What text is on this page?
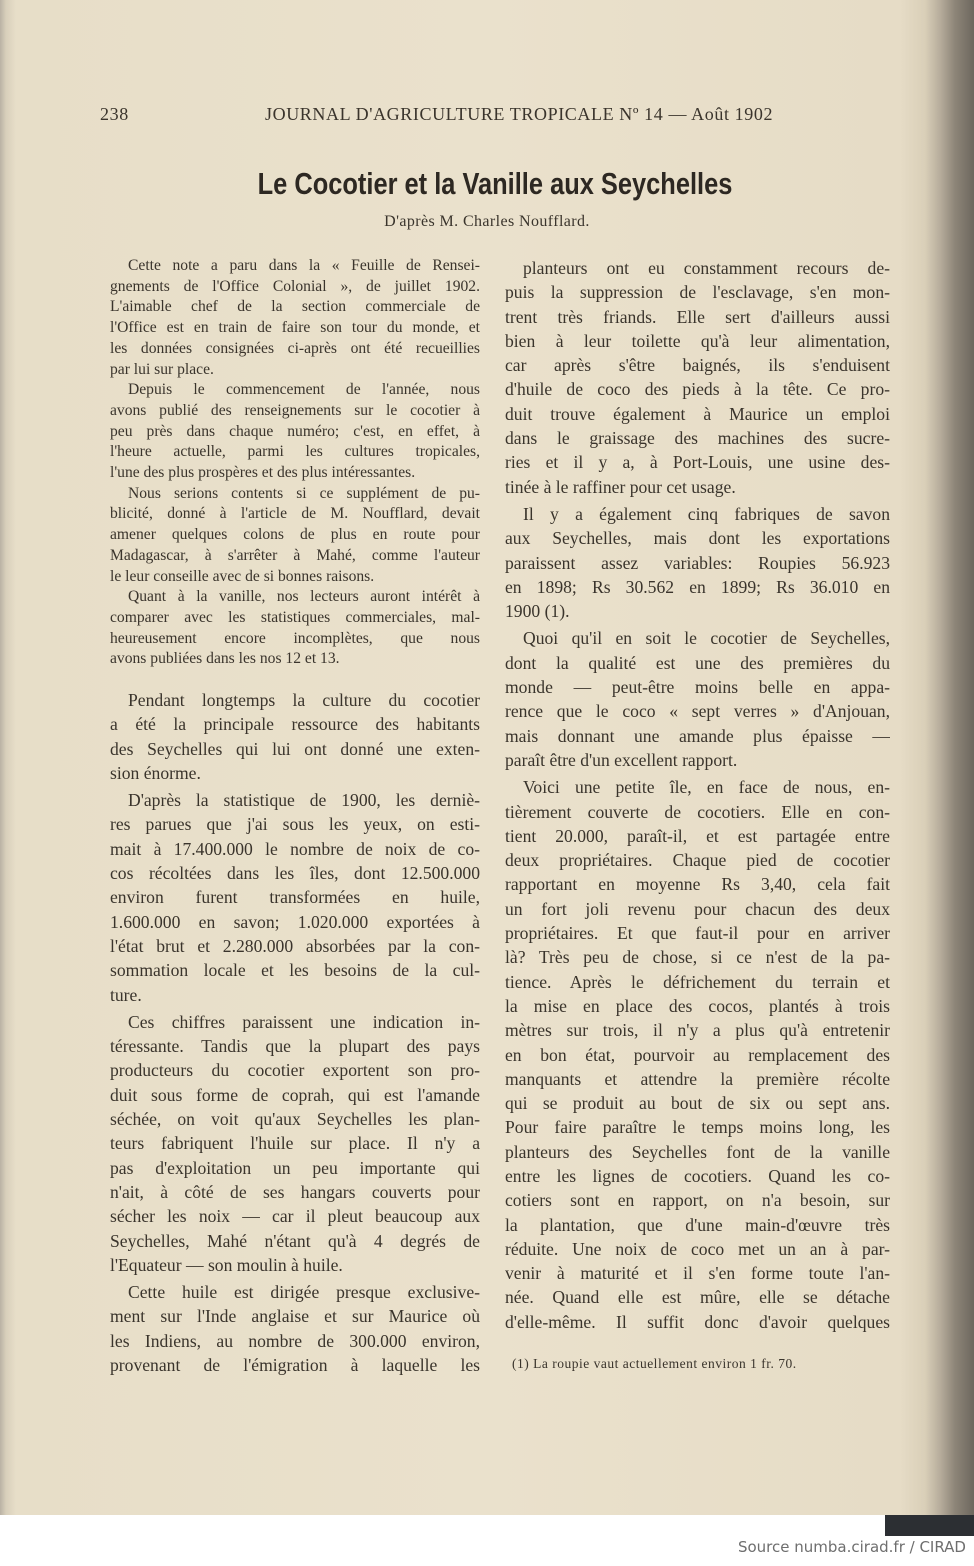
238	JOURNAL D'AGRICULTURE TROPICALE Nº 14 — Août 1902
Le Cocotier et la Vanille aux Seychelles
D'après M. Charles Noufflard.
Cette note a paru dans la « Feuille de Rensei-
gnements de l'Office Colonial », de juillet 1902.
L'aimable chef de la section commerciale de
l'Office est en train de faire son tour du monde, et
les données consignées ci-après ont été recueillies
par lui sur place.
Depuis le commencement de l'année, nous
avons publié des renseignements sur le cocotier à
peu près dans chaque numéro; c'est, en effet, à
l'heure actuelle, parmi les cultures tropicales,
l'une des plus prospères et des plus intéressantes.
Nous serions contents si ce supplément de pu-
blicité, donné à l'article de M. Noufflard, devait
amener quelques colons de plus en route pour
Madagascar, à s'arrêter à Mahé, comme l'auteur
le leur conseille avec de si bonnes raisons.
Quant à la vanille, nos lecteurs auront intérêt à
comparer avec les statistiques commerciales, mal-
heureusement encore incomplètes, que nous
avons publiées dans les nos 12 et 13.
Pendant longtemps la culture du cocotier
a été la principale ressource des habitants
des Seychelles qui lui ont donné une exten-
sion énorme.
D'après la statistique de 1900, les derniè-
res parues que j'ai sous les yeux, on esti-
mait à 17.400.000 le nombre de noix de co-
cos récoltées dans les îles, dont 12.500.000
environ furent transformées en huile,
1.600.000 en savon; 1.020.000 exportées à
l'état brut et 2.280.000 absorbées par la con-
sommation locale et les besoins de la cul-
ture.
Ces chiffres paraissent une indication in-
téressante. Tandis que la plupart des pays
producteurs du cocotier exportent son pro-
duit sous forme de coprah, qui est l'amande
séchée, on voit qu'aux Seychelles les plan-
teurs fabriquent l'huile sur place. Il n'y a
pas d'exploitation un peu importante qui
n'ait, à côté de ses hangars couverts pour
sécher les noix — car il pleut beaucoup aux
Seychelles, Mahé n'étant qu'à 4 degrés de
l'Equateur — son moulin à huile.
Cette huile est dirigée presque exclusive-
ment sur l'Inde anglaise et sur Maurice où
les Indiens, au nombre de 300.000 environ,
provenant de l'émigration à laquelle les
planteurs ont eu constamment recours de-
puis la suppression de l'esclavage, s'en mon-
trent très friands. Elle sert d'ailleurs aussi
bien à leur toilette qu'à leur alimentation,
car après s'être baignés, ils s'enduisent
d'huile de coco des pieds à la tête. Ce pro-
duit trouve également à Maurice un emploi
dans le graissage des machines des sucre-
ries et il y a, à Port-Louis, une usine des-
tinée à le raffiner pour cet usage.
Il y a également cinq fabriques de savon
aux Seychelles, mais dont les exportations
paraissent assez variables: Roupies 56.923
en 1898; Rs 30.562 en 1899; Rs 36.010 en
1900 (1).
Quoi qu'il en soit le cocotier de Seychelles,
dont la qualité est une des premières du
monde — peut-être moins belle en appa-
rence que le coco « sept verres » d'Anjouan,
mais donnant une amande plus épaisse —
paraît être d'un excellent rapport.
Voici une petite île, en face de nous, en-
tièrement couverte de cocotiers. Elle en con-
tient 20.000, paraît-il, et est partagée entre
deux propriétaires. Chaque pied de cocotier
rapportant en moyenne Rs 3,40, cela fait
un fort joli revenu pour chacun des deux
propriétaires. Et que faut-il pour en arriver
là? Très peu de chose, si ce n'est de la pa-
tience. Après le défrichement du terrain et
la mise en place des cocos, plantés à trois
mètres sur trois, il n'y a plus qu'à entretenir
en bon état, pourvoir au remplacement des
manquants et attendre la première récolte
qui se produit au bout de six ou sept ans.
Pour faire paraître le temps moins long, les
planteurs des Seychelles font de la vanille
entre les lignes de cocotiers. Quand les co-
cotiers sont en rapport, on n'a besoin, sur
la plantation, que d'une main-d'œuvre très
réduite. Une noix de coco met un an à par-
venir à maturité et il s'en forme toute l'an-
née. Quand elle est mûre, elle se détache
d'elle-même. Il suffit donc d'avoir quelques
(1) La roupie vaut actuellement environ 1 fr. 70.
Source numba.cirad.fr / CIRAD
